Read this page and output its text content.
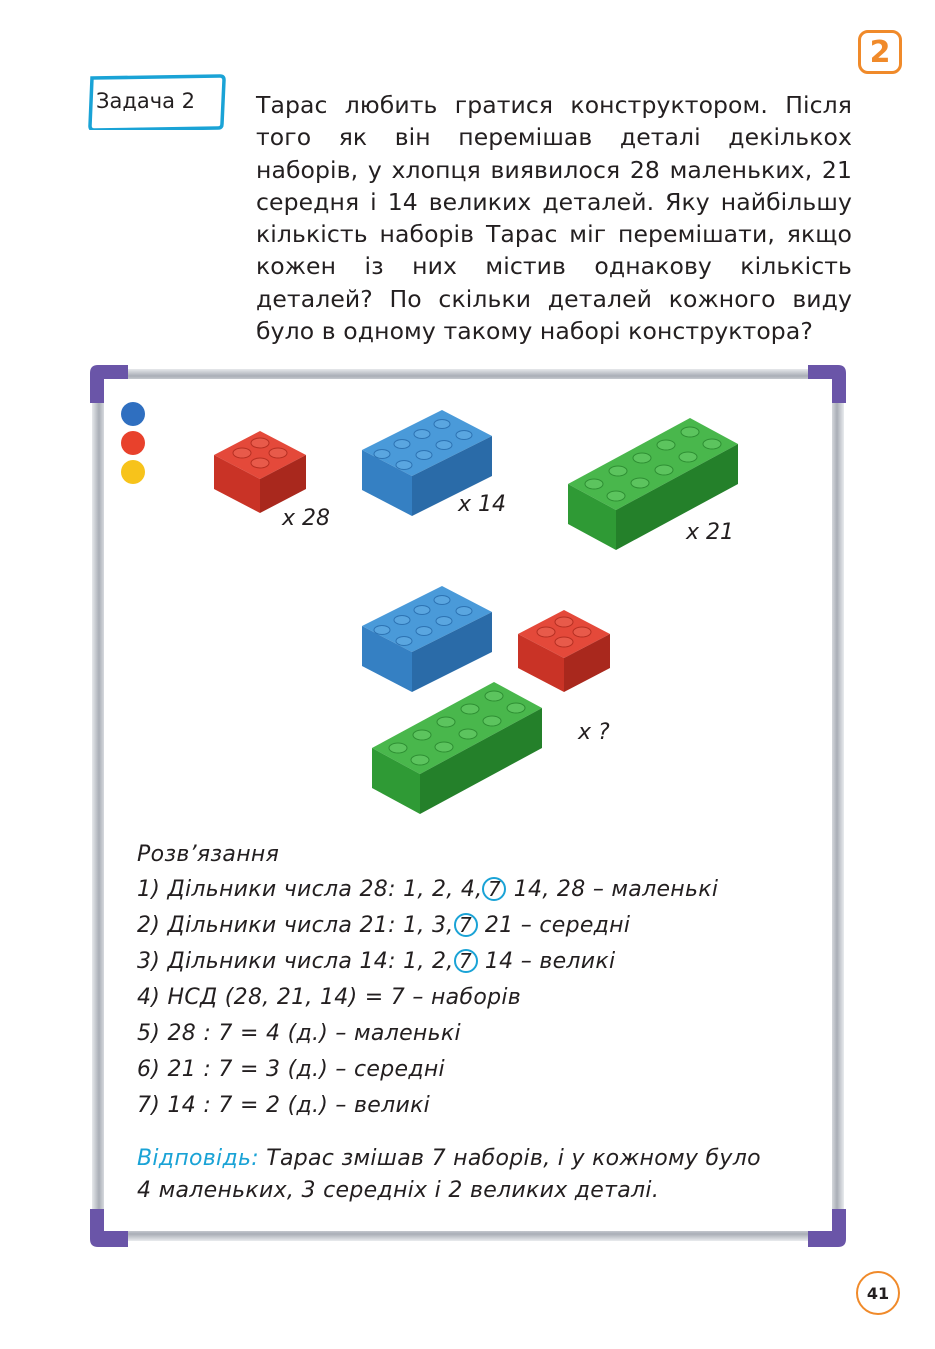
2
Задача 2	Тарас любить гратися конструктором. Після того як він перемішав деталі декількох наборів, у хлопця виявилося 28 маленьких, 21 середня і 14 великих деталей. Яку найбільшу кількість наборів Тарас міг перемішати, якщо кожен із них містив однакову кількість деталей? По скільки деталей кожного виду було в одному такому наборі конструктора?
x 28
x 14
x 21
x ?
Розв’язання
1) Дільники числа 28: 1, 2, 4, 7 14, 28 – маленькі
2) Дільники числа 21: 1, 3, 7 21 – середні
3) Дільники числа 14: 1, 2, 7 14 – великі
4) НСД (28, 21, 14) = 7 – наборів
5) 28 : 7 = 4 (д.) – маленькі
6) 21 : 7 = 3 (д.) – середні
7) 14 : 7 = 2 (д.) – великі
Відповідь: Тарас змішав 7 наборів, і у кожному було
4 маленьких, 3 середніх і 2 великих деталі.
41
